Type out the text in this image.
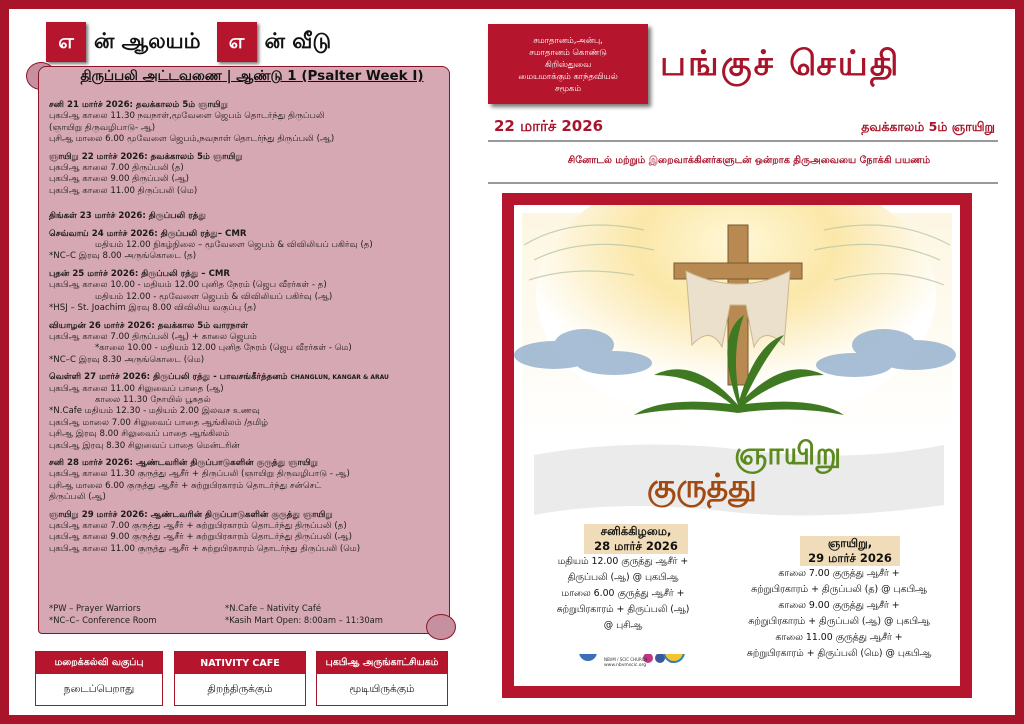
எ ன் ஆலயம்	எ ன் வீடு
திருப்பலி அட்டவணை | ஆண்டு 1 (Psalter Week I)
சனி 21 மார்ச் 2026: தவக்காலம் 5ம் ஞாயிறு
புகபிஆ காலை 11.30 நவநாள்,மூவேளை ஜெபம் தொடர்ந்து திருப்பலி
(ஞாயிறு திருவழிபாடு- ஆ)
புசிஆ மாலை 6.00 மூவேளை ஜெபம்,நவநாள் தொடர்ந்து திருப்பலி (ஆ)
ஞாயிறு 22 மார்ச் 2026: தவக்காலம் 5ம் ஞாயிறு
புகபிஆ காலை 7.00 திருப்பலி (த)
புகபிஆ காலை 9.00 திருப்பலி (ஆ)
புகபிஆ காலை 11.00 திருப்பலி (மெ)
திங்கள் 23 மார்ச் 2026: திருப்பலி ரத்து
செவ்வாய் 24 மார்ச் 2026: திருப்பலி ரத்து– CMR
மதியம் 12.00 நிகழ்நிலை – மூவேளை ஜெபம் & விவிலியப் பகிர்வு (த)
*NC–C இரவு 8.00 அருங்கொடை (த)
புதன் 25 மார்ச் 2026: திருப்பலி ரத்து – CMR
புகபிஆ காலை 10.00 - மதியம் 12.00 புனித நேரம் (ஜெப வீரர்கள் - த)
மதியம் 12.00 - மூவேளை ஜெபம் & விவிலியப் பகிர்வு (ஆ)
*HSJ – St. Joachim இரவு 8.00 விவிலிய வகுப்பு (த)
வியாழன் 26 மார்ச் 2026: தவக்கால 5ம் வாரநாள்
புகபிஆ காலை 7.00 திருப்பலி (ஆ) + காலை ஜெபம்
*காலை 10.00 - மதியம் 12.00 புனித நேரம் (ஜெப வீரர்கள் - மெ)
*NC–C இரவு 8.30 அருங்கொடை (மெ)
வெள்ளி 27 மார்ச் 2026: திருப்பலி ரத்து - பாவசங்கீர்த்தனம் CHANGLUN, KANGAR & ARAU
புகபிஆ காலை 11.00 சிலுவைப் பாதை (ஆ)
காலை 11.30 நோயில் பூசுதல்
*N.Cafe மதியம் 12.30 - மதியம் 2.00 இலவச உணவு
புகபிஆ மாலை 7.00 சிலுவைப் பாதை ஆங்கிலம் /தமிழ்
புசிஆ இரவு 8.00 சிலுவைப் பாதை ஆங்கிலம்
புகபிஆ இரவு 8.30 சிலுவைப் பாதை மென்டரின்
சனி 28 மார்ச் 2026: ஆண்டவரின் திருப்பாடுகளின் குருத்து ஞாயிறு
புகபிஆ காலை 11.30 குருத்து ஆசீர் + திருப்பலி (ஞாயிறு திருவழிபாடு - ஆ)
புசிஆ மாலை 6.00 குருத்து ஆசீர் + சுற்றுபிரகாரம் தொடர்ந்து சன்செட்
திருப்பலி (ஆ)
ஞாயிறு 29 மார்ச் 2026: ஆண்டவரின் திருப்பாடுகளின் குருத்து ஞாயிறு
புகபிஆ காலை 7.00 குருத்து ஆசீர் + சுற்றுபிரகாரம் தொடர்ந்து திருப்பலி (த)
புகபிஆ காலை 9.00 குருத்து ஆசீர் + சுற்றுபிரகாரம் தொடர்ந்து திருப்பலி (ஆ)
புகபிஆ காலை 11.00 குருத்து ஆசீர் + சுற்றுபிரகாரம் தொடர்ந்து திருப்பலி (மெ)
*PW – Prayer Warriors	*N.Cafe – Nativity Café
*NC–C– Conference Room	*Kasih Mart Open: 8:00am – 11:30am
மறைக்கல்வி வகுப்பு
நடைப்பெறாது
NATIVITY CAFE
திறந்திருக்கும்
புகபிஆ அருங்காட்சியகம்
மூடியிருக்கும்
சமாதானம்,அன்பு,
சமாதானம் கொண்டு
கிறிஸ்துவை
மையமாக்கும் காந்தவியல்
சமூகம்
பங்குச் செய்தி
22 மார்ச் 2026	தவக்காலம் 5ம் ஞாயிறு
சினோடல் மற்றும் இறைவாக்கினர்களுடன் ஒன்றாக திருஅவையை நோக்கி பயணம்
ஞாயிறு
குருத்து
சனிக்கிழமை,
28 மார்ச் 2026
மதியம் 12.00 குருத்து ஆசீர் +
திருப்பலி (ஆ) @ புகபிஆ
மாலை 6.00 குருத்து ஆசீர் +
சுற்றுபிரகாரம் + திருப்பலி (ஆ)
@ புசிஆ
ஞாயிறு,
29 மார்ச் 2026
காலை 7.00 குருத்து ஆசீர் +
சுற்றுபிரகாரம் + திருப்பலி (த) @ புகபிஆ
காலை 9.00 குருத்து ஆசீர் +
சுற்றுபிரகாரம் + திருப்பலி (ஆ) @ புகபிஆ
காலை 11.00 குருத்து ஆசீர் +
சுற்றுபிரகாரம் + திருப்பலி (மெ) @ புகபிஆ
NBVM / SCIC CHURCH
www.nbvmscic.org
